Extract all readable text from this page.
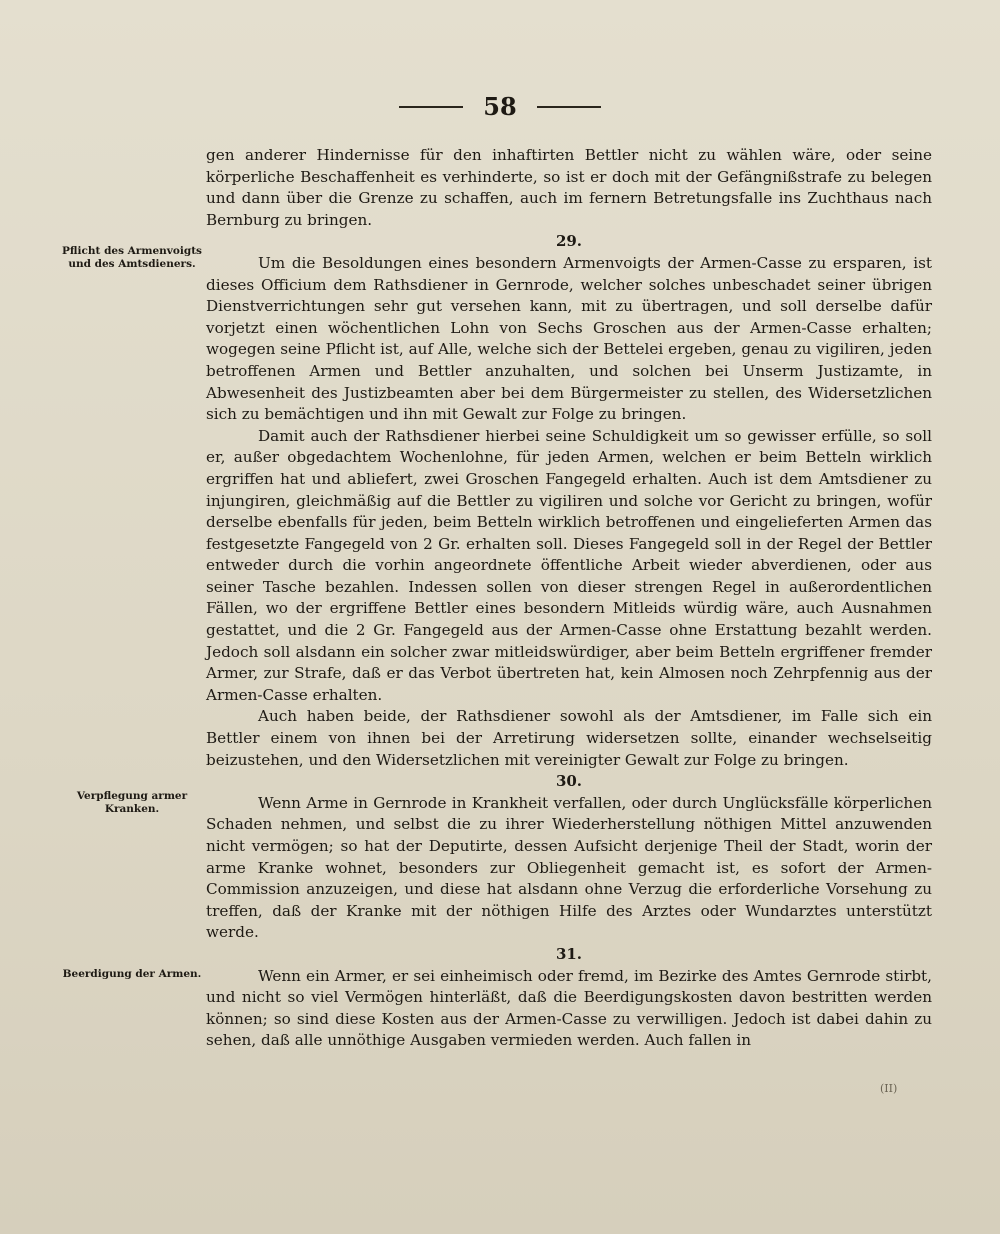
58
Pflicht des Armenvoigts und des Amtsdieners.
Verpflegung armer Kranken.
Beerdigung der Armen.

gen anderer Hindernisse für den inhaftirten Bettler nicht zu wählen wäre, oder seine körperliche Beschaffenheit es verhinderte, so ist er doch mit der Gefängnißstrafe zu belegen und dann über die Grenze zu schaffen, auch im fernern Betretungsfalle ins Zuchthaus nach Bernburg zu bringen.

29.

Um die Besoldungen eines besondern Armenvoigts der Armen-Casse zu ersparen, ist dieses Officium dem Rathsdiener in Gernrode, welcher solches unbeschadet seiner übrigen Dienstverrichtungen sehr gut versehen kann, mit zu übertragen, und soll derselbe dafür vorjetzt einen wöchentlichen Lohn von Sechs Groschen aus der Armen-Casse erhalten; wogegen seine Pflicht ist, auf Alle, welche sich der Bettelei ergeben, genau zu vigiliren, jeden betroffenen Armen und Bettler anzuhalten, und solchen bei Unserm Justizamte, in Abwesenheit des Justizbeamten aber bei dem Bürgermeister zu stellen, des Widersetzlichen sich zu bemächtigen und ihn mit Gewalt zur Folge zu bringen.

Damit auch der Rathsdiener hierbei seine Schuldigkeit um so gewisser erfülle, so soll er, außer obgedachtem Wochenlohne, für jeden Armen, welchen er beim Betteln wirklich ergriffen hat und abliefert, zwei Groschen Fangegeld erhalten. Auch ist dem Amtsdiener zu injungiren, gleichmäßig auf die Bettler zu vigiliren und solche vor Gericht zu bringen, wofür derselbe ebenfalls für jeden, beim Betteln wirklich betroffenen und eingelieferten Armen das festgesetzte Fangegeld von 2 Gr. erhalten soll. Dieses Fangegeld soll in der Regel der Bettler entweder durch die vorhin angeordnete öffentliche Arbeit wieder abverdienen, oder aus seiner Tasche bezahlen. Indessen sollen von dieser strengen Regel in außerordentlichen Fällen, wo der ergriffene Bettler eines besondern Mitleids würdig wäre, auch Ausnahmen gestattet, und die 2 Gr. Fangegeld aus der Armen-Casse ohne Erstattung bezahlt werden. Jedoch soll alsdann ein solcher zwar mitleidswürdiger, aber beim Betteln ergriffener fremder Armer, zur Strafe, daß er das Verbot übertreten hat, kein Almosen noch Zehrpfennig aus der Armen-Casse erhalten.

Auch haben beide, der Rathsdiener sowohl als der Amtsdiener, im Falle sich ein Bettler einem von ihnen bei der Arretirung widersetzen sollte, einander wechselseitig beizustehen, und den Widersetzlichen mit vereinigter Gewalt zur Folge zu bringen.

30.

Wenn Arme in Gernrode in Krankheit verfallen, oder durch Unglücksfälle körperlichen Schaden nehmen, und selbst die zu ihrer Wiederherstellung nöthigen Mittel anzuwenden nicht vermögen; so hat der Deputirte, dessen Aufsicht derjenige Theil der Stadt, worin der arme Kranke wohnet, besonders zur Obliegenheit gemacht ist, es sofort der Armen-Commission anzuzeigen, und diese hat alsdann ohne Verzug die erforderliche Vorsehung zu treffen, daß der Kranke mit der nöthigen Hilfe des Arztes oder Wundarztes unterstützt werde.

31.

Wenn ein Armer, er sei einheimisch oder fremd, im Bezirke des Amtes Gernrode stirbt, und nicht so viel Vermögen hinterläßt, daß die Beerdigungskosten davon bestritten werden können; so sind diese Kosten aus der Armen-Casse zu verwilligen. Jedoch ist dabei dahin zu sehen, daß alle unnöthige Ausgaben vermieden werden. Auch fallen in

(II)
